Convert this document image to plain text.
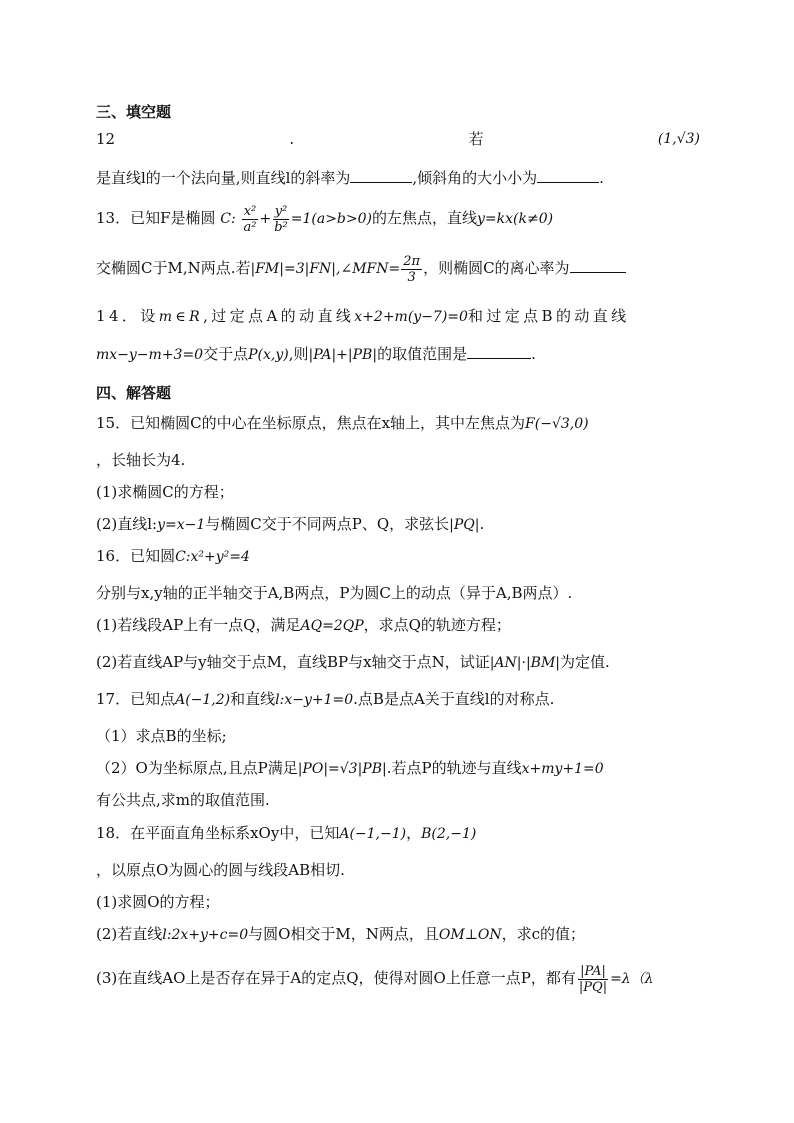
三、填空题
12	.	若	(1,√3)
是直线l的一个法向量,则直线l的斜率为	,倾斜角的大小小为	.
13．已知F是椭圆 C: $\frac{\text{x²}}{\text{a²}} + \frac{\text{y²}}{\text{b²}} =1(a>b>0)$的左焦点，直线y=kx(k≠0)
交椭圆C于M,N两点.若|FM|=3|FN|,∠MFN= $\frac{2\pi}{3}$ ，则椭圆C的离心率为
14．设m∈R,过定点A的动直线x+2+m(y−7)=0和过定点B的动直线
mx−y−m+3=0交于点P(x,y),则|PA|+|PB|的取值范围是	.
四、解答题
15．已知椭圆C的中心在坐标原点，焦点在x轴上，其中左焦点为F(−√3,0)
，长轴长为4.
(1)求椭圆C的方程；
(2)直线l:y=x−1与椭圆C交于不同两点P、Q，求弦长|PQ|.
16．已知圆C:x²+y²=4
分别与x,y轴的正半轴交于A,B两点，P为圆C上的动点（异于A,B两点）.
(1)若线段AP上有一点Q，满足AQ=2QP，求点Q的轨迹方程；
(2)若直线AP与y轴交于点M，直线BP与x轴交于点N，试证|AN|·|BM|为定值.
17．已知点A(−1,2)和直线l:x−y+1=0.点B是点A关于直线l的对称点.
（1）求点B的坐标;
（2）O为坐标原点,且点P满足|PO|=√3|PB|.若点P的轨迹与直线x+my+1=0
有公共点,求m的取值范围.
18．在平面直角坐标系xOy中，已知A(−1,−1)，B(2,−1)
，以原点O为圆心的圆与线段AB相切.
(1)求圆O的方程；
(2)若直线l:2x+y+c=0与圆O相交于M，N两点，且OM⊥ON，求c的值；
(3)在直线AO上是否存在异于A的定点Q，使得对圆O上任意一点P，都有 $\frac{|PA|}{|PQ|} =\lambda(\lambda$
